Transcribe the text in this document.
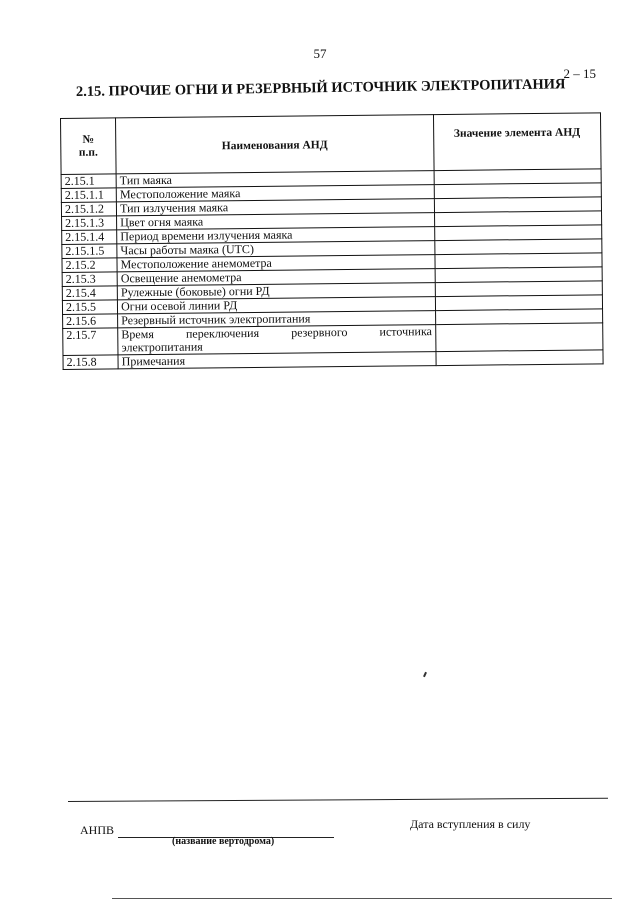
57
2 – 15
2.15. ПРОЧИЕ ОГНИ И РЕЗЕРВНЫЙ ИСТОЧНИК ЭЛЕКТРОПИТАНИЯ
№
п.п.	Наименования АНД	Значение элемента АНД
2.15.1	Тип маяка	
2.15.1.1	Местоположение маяка	
2.15.1.2	Тип излучения маяка	
2.15.1.3	Цвет огня маяка	
2.15.1.4	Период времени излучения маяка	
2.15.1.5	Часы работы маяка (UTC)	
2.15.2	Местоположение анемометра	
2.15.3	Освещение анемометра	
2.15.4	Рулежные (боковые) огни РД	
2.15.5	Огни осевой линии РД	
2.15.6	Резервный источник электропитания	
2.15.7	Время переключения резервного источника
электропитания	

2.15.8	Примечания	
АНПВ
(название вертодрома)
Дата вступления в силу
